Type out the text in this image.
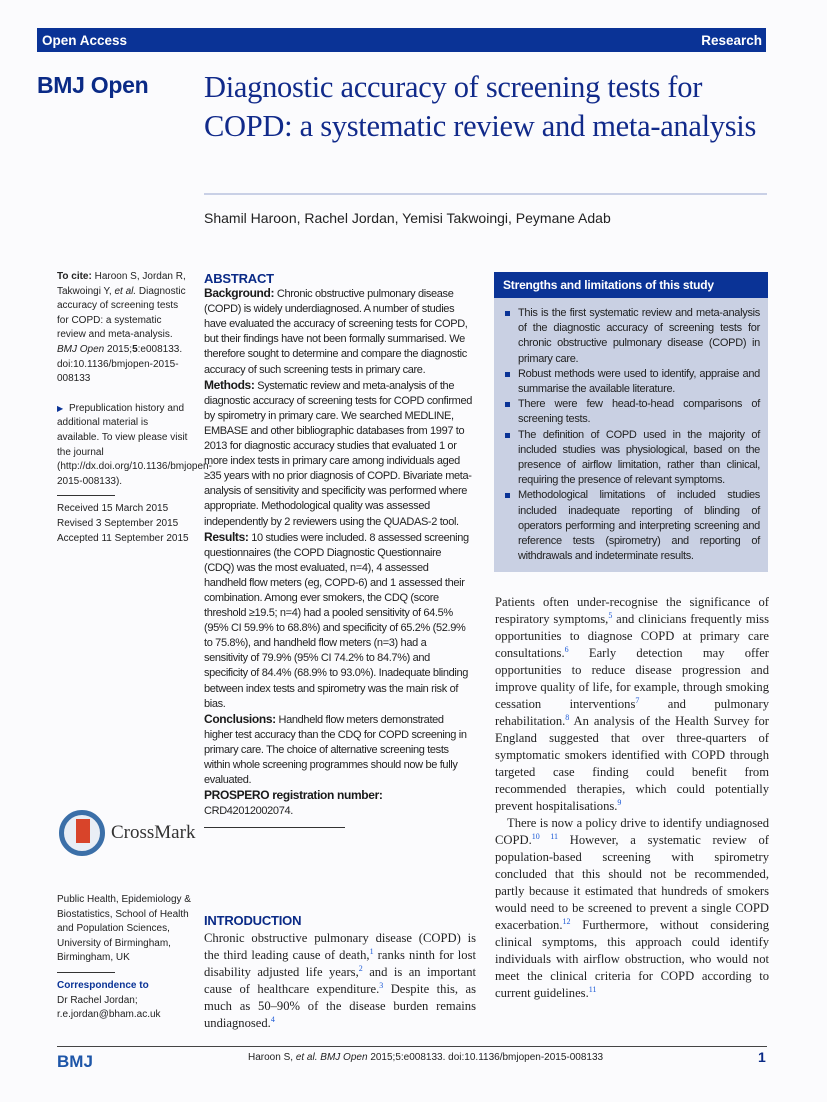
Open Access	Research
BMJ Open Diagnostic accuracy of screening tests for COPD: a systematic review and meta-analysis
Shamil Haroon, Rachel Jordan, Yemisi Takwoingi, Peymane Adab
To cite: Haroon S, Jordan R, Takwoingi Y, et al. Diagnostic accuracy of screening tests for COPD: a systematic review and meta-analysis. BMJ Open 2015;5:e008133. doi:10.1136/bmjopen-2015-008133
▶ Prepublication history and additional material is available. To view please visit the journal (http://dx.doi.org/10.1136/bmjopen-2015-008133).
Received 15 March 2015
Revised 3 September 2015
Accepted 11 September 2015
CrossMark
Public Health, Epidemiology & Biostatistics, School of Health and Population Sciences, University of Birmingham, Birmingham, UK
Correspondence to
Dr Rachel Jordan;
r.e.jordan@bham.ac.uk
ABSTRACT

Background: Chronic obstructive pulmonary disease (COPD) is widely underdiagnosed. A number of studies have evaluated the accuracy of screening tests for COPD, but their findings have not been formally summarised. We therefore sought to determine and compare the diagnostic accuracy of such screening tests in primary care.

Methods: Systematic review and meta-analysis of the diagnostic accuracy of screening tests for COPD confirmed by spirometry in primary care. We searched MEDLINE, EMBASE and other bibliographic databases from 1997 to 2013 for diagnostic accuracy studies that evaluated 1 or more index tests in primary care among individuals aged ≥35 years with no prior diagnosis of COPD. Bivariate meta-analysis of sensitivity and specificity was performed where appropriate. Methodological quality was assessed independently by 2 reviewers using the QUADAS-2 tool.

Results: 10 studies were included. 8 assessed screening questionnaires (the COPD Diagnostic Questionnaire (CDQ) was the most evaluated, n=4), 4 assessed handheld flow meters (eg, COPD-6) and 1 assessed their combination. Among ever smokers, the CDQ (score threshold ≥19.5; n=4) had a pooled sensitivity of 64.5% (95% CI 59.9% to 68.8%) and specificity of 65.2% (52.9% to 75.8%), and handheld flow meters (n=3) had a sensitivity of 79.9% (95% CI 74.2% to 84.7%) and specificity of 84.4% (68.9% to 93.0%). Inadequate blinding between index tests and spirometry was the main risk of bias.

Conclusions: Handheld flow meters demonstrated higher test accuracy than the CDQ for COPD screening in primary care. The choice of alternative screening tests within whole screening programmes should now be fully evaluated.

PROSPERO registration number:
CRD42012002074.

INTRODUCTION
Chronic obstructive pulmonary disease (COPD) is the third leading cause of death,$^1$ ranks ninth for lost disability adjusted life years,$^2$ and is an important cause of healthcare expenditure.$^3$ Despite this, as much as 50–90% of the disease burden remains undiagnosed.$^4$
Strengths and limitations of this study
This is the first systematic review and meta-analysis of the diagnostic accuracy of screening tests for chronic obstructive pulmonary disease (COPD) in primary care.
Robust methods were used to identify, appraise and summarise the available literature.
There were few head-to-head comparisons of screening tests.
The definition of COPD used in the majority of included studies was physiological, based on the presence of airflow limitation, rather than clinical, requiring the presence of relevant symptoms.
Methodological limitations of included studies included inadequate reporting of blinding of operators performing and interpreting screening and reference tests (spirometry) and reporting of withdrawals and indeterminate results.

Patients often under-recognise the significance of respiratory symptoms,$^5$ and clinicians frequently miss opportunities to diagnose COPD at primary care consultations.$^6$ Early detection may offer opportunities to reduce disease progression and improve quality of life, for example, through smoking cessation interventions$^7$ and pulmonary rehabilitation.$^8$ An analysis of the Health Survey for England suggested that over three-quarters of symptomatic smokers identified with COPD through targeted case finding could benefit from recommended therapies, which could potentially prevent hospitalisations.$^9$

There is now a policy drive to identify undiagnosed COPD.$^{10 11}$ However, a systematic review of population-based screening with spirometry concluded that this should not be recommended, partly because it estimated that hundreds of smokers would need to be screened to prevent a single COPD exacerbation.$^{12}$ Furthermore, without considering clinical symptoms, this approach could identify individuals with airflow obstruction, who would not meet the clinical criteria for COPD according to current guidelines.$^{11}$

BMJ	Haroon S, et al. BMJ Open 2015;5:e008133. doi:10.1136/bmjopen-2015-008133	1
